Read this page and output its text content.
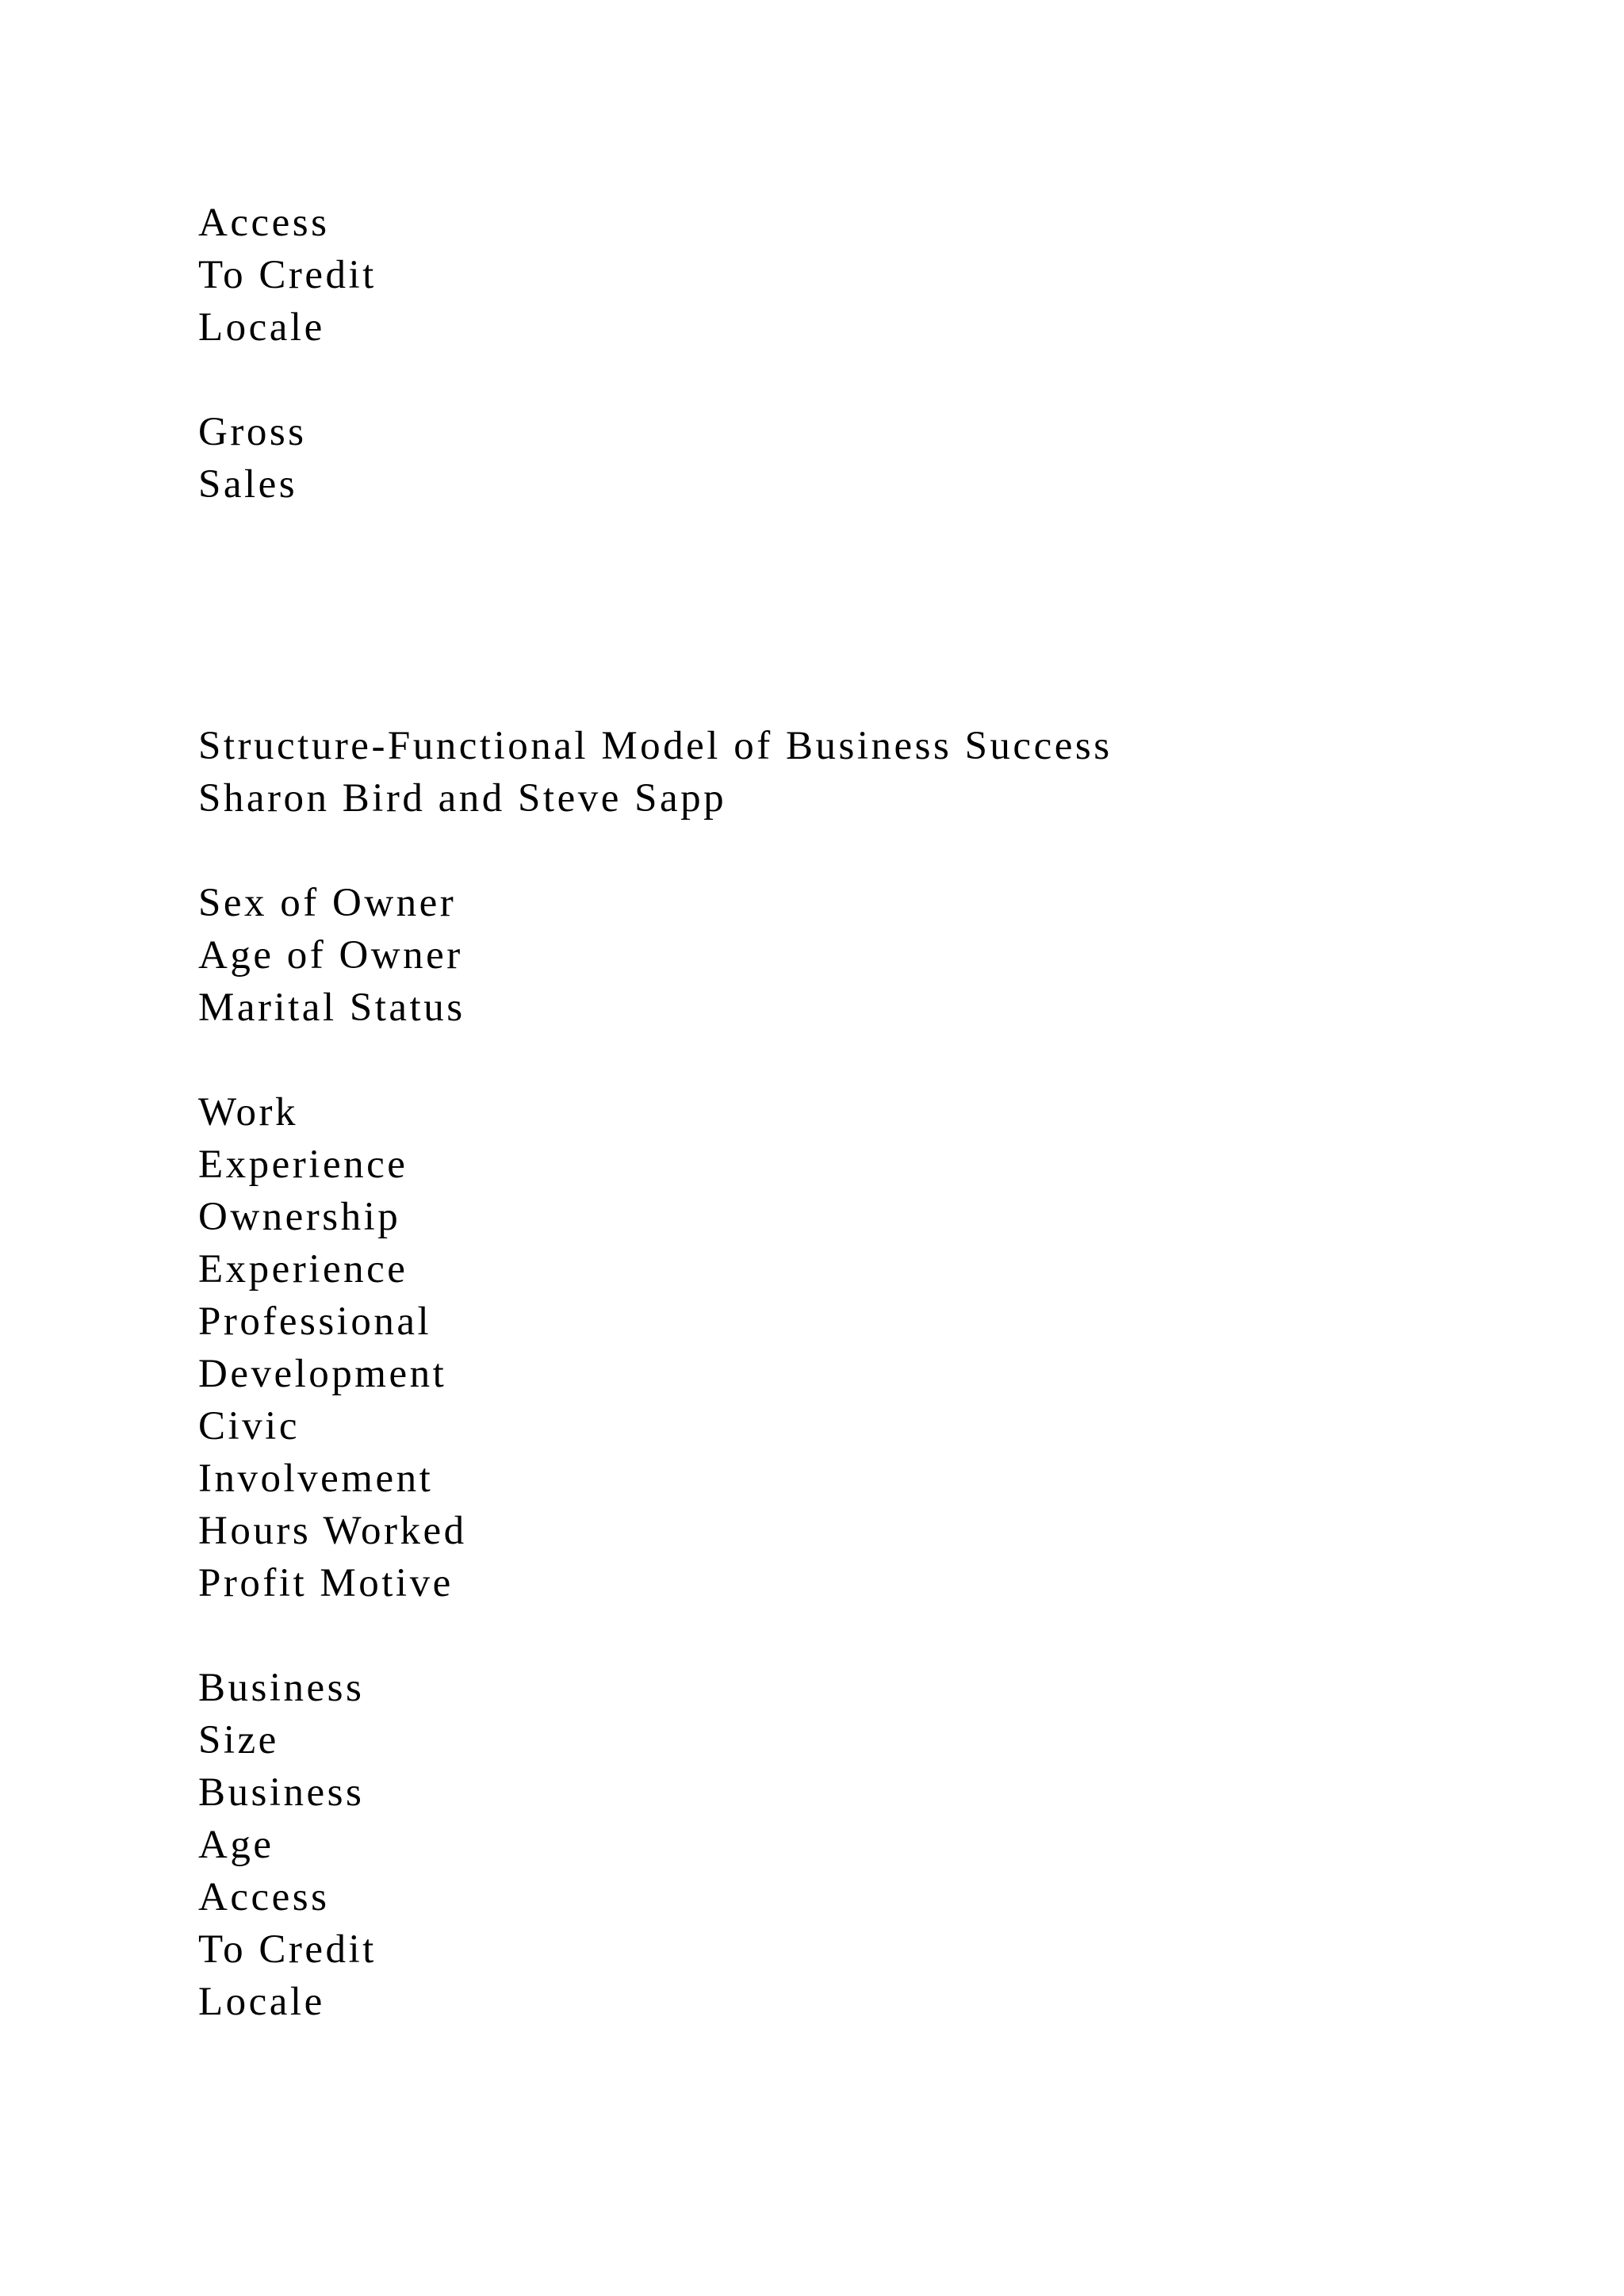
Access
To Credit
Locale
Gross
Sales
Structure-Functional Model of Business Success
Sharon Bird and Steve Sapp
Sex of Owner
Age of Owner
Marital Status
Work
Experience
Ownership
Experience
Professional
Development
Civic
Involvement
Hours Worked
Profit Motive
Business
Size
Business
Age
Access
To Credit
Locale
